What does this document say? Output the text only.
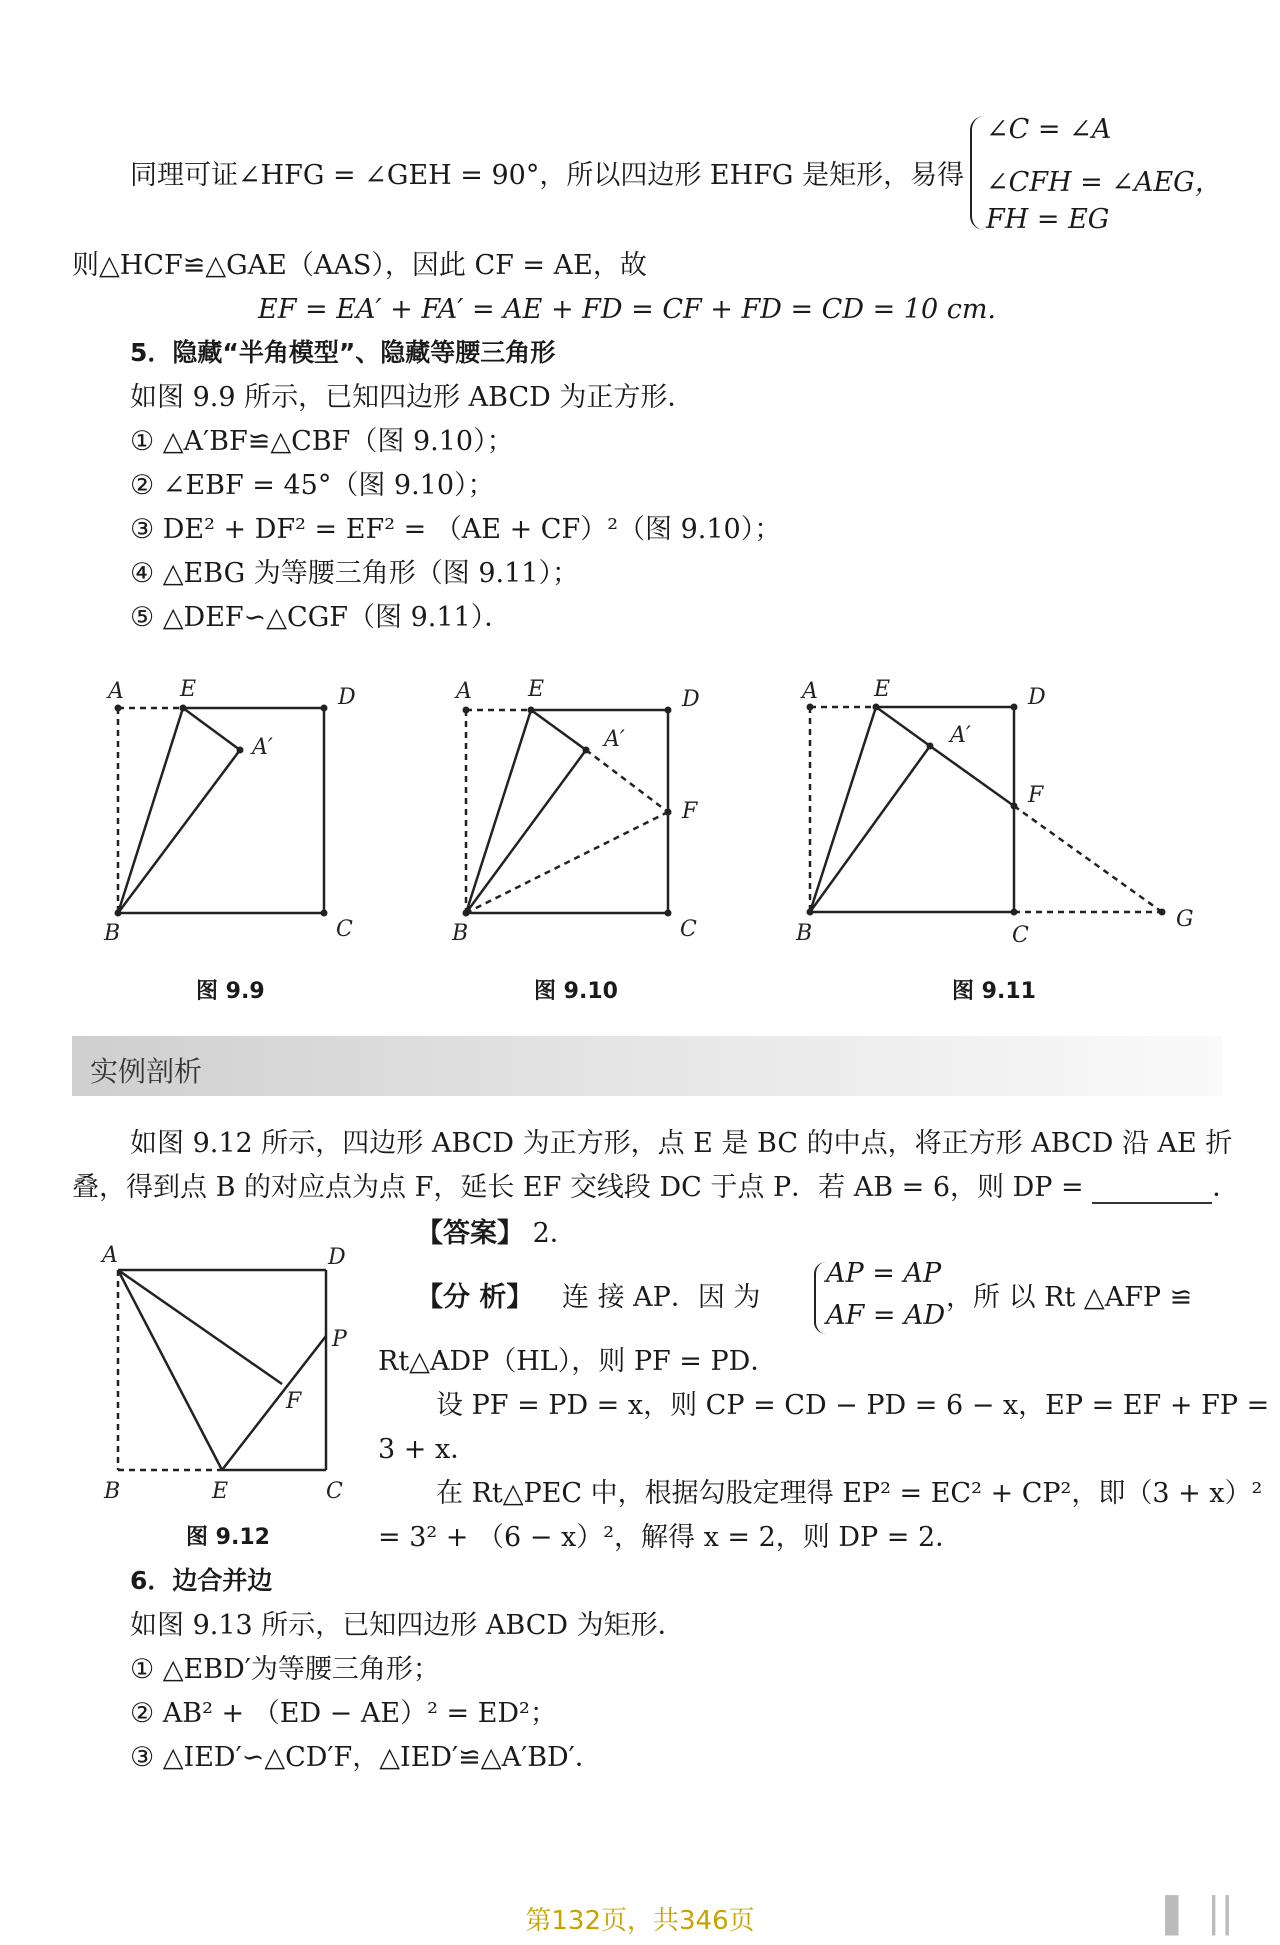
同理可证∠HFG = ∠GEH = 90°，所以四边形 EHFG 是矩形，易得
∠C = ∠A
∠CFH = ∠AEG，
FH = EG
则△HCF≌△GAE（AAS），因此 CF = AE，故
EF = EA′ + FA′ = AE + FD = CF + FD = CD = 10 cm.
5．隐藏“半角模型”、隐藏等腰三角形
如图 9.9 所示，已知四边形 ABCD 为正方形．
① △A′BF≌△CBF（图 9.10）；
② ∠EBF = 45°（图 9.10）；
③ DE² + DF² = EF² = （AE + CF）²（图 9.10）；
④ △EBG 为等腰三角形（图 9.11）；
⑤ △DEF∽△CGF（图 9.11）．
A	E	D
A′
B	C
图 9.9
A	E	D
A′
F
B	C
图 9.10
A	E	D
A′
F
B	C
G
图 9.11
实例剖析
如图 9.12 所示，四边形 ABCD 为正方形，点 E 是 BC 的中点，将正方形 ABCD 沿 AE 折
叠，得到点 B 的对应点为点 F，延长 EF 交线段 DC 于点 P．若 AB = 6，则 DP =	．
A	D
P
F
B	E	C
图 9.12
【答案】 2．
【分 析】 连 接 AP．因 为
AP = AP
AF = AD
，所 以 Rt △AFP ≌
Rt△ADP（HL），则 PF = PD．
设 PF = PD = x，则 CP = CD − PD = 6 − x，EP = EF + FP =
3 + x．
在 Rt△PEC 中，根据勾股定理得 EP² = EC² + CP²，即（3 + x）²
= 3² + （6 − x）²，解得 x = 2，则 DP = 2．
6．边合并边
如图 9.13 所示，已知四边形 ABCD 为矩形．
① △EBD′为等腰三角形；
② AB² + （ED − AE）² = ED²；
③ △IED′∽△CD′F，△IED′≌△A′BD′．
第132页，共346页	▐ ▕ ▏
